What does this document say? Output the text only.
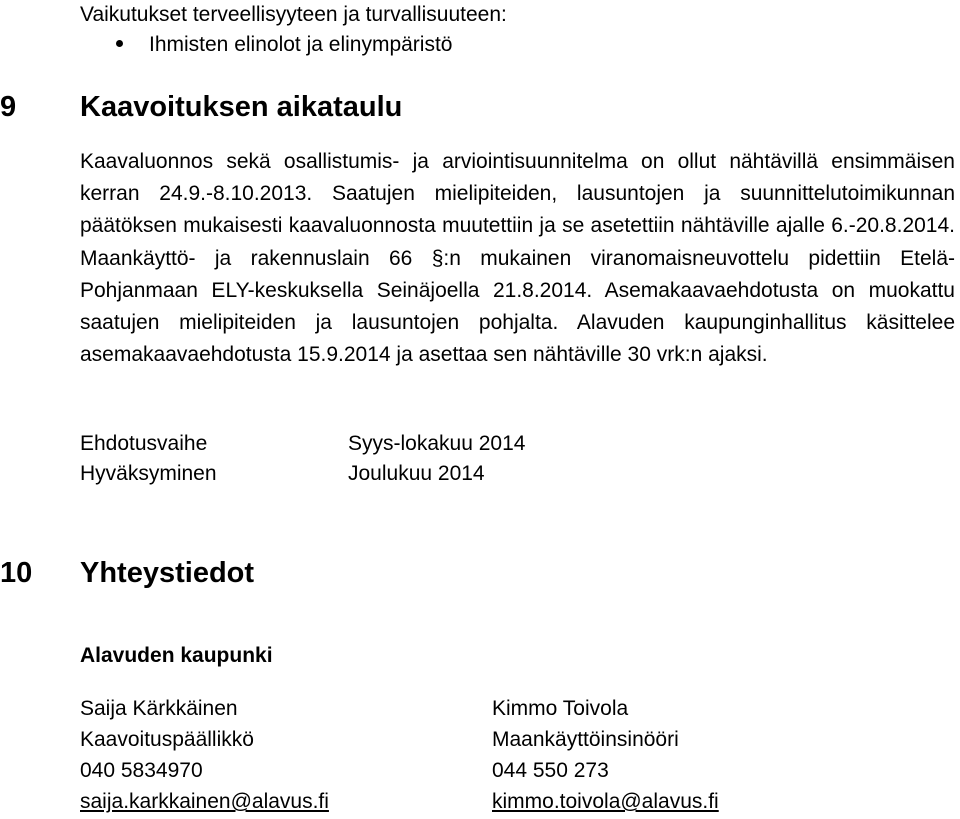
Vaikutukset terveellisyyteen ja turvallisuuteen:
Ihmisten elinolot ja elinympäristö
9 Kaavoituksen aikataulu

Kaavaluonnos sekä osallistumis- ja arviointisuunnitelma on ollut nähtävillä ensimmäisen kerran 24.9.-8.10.2013. Saatujen mielipiteiden, lausuntojen ja suunnittelutoimikunnan päätöksen mukaisesti kaavaluonnosta muutettiin ja se asetettiin nähtäville ajalle 6.-20.8.2014. Maankäyttö- ja rakennuslain 66 §:n mukainen viranomaisneuvottelu pidettiin Etelä-Pohjanmaan ELY-keskuksella Seinäjoella 21.8.2014. Asemakaavaehdotusta on muokattu saatujen mielipiteiden ja lausuntojen pohjalta. Alavuden kaupunginhallitus käsittelee asemakaavaehdotusta 15.9.2014 ja asettaa sen nähtäville 30 vrk:n ajaksi.

Ehdotusvaihe	Syys-lokakuu 2014
Hyväksyminen	Joulukuu 2014
10 Yhteystiedot
Alavuden kaupunki
Saija Kärkkäinen
Kaavoituspäällikkö
040 5834970
saija.karkkainen@alavus.fi
Kimmo Toivola
Maankäyttöinsinööri
044 550 273
kimmo.toivola@alavus.fi
